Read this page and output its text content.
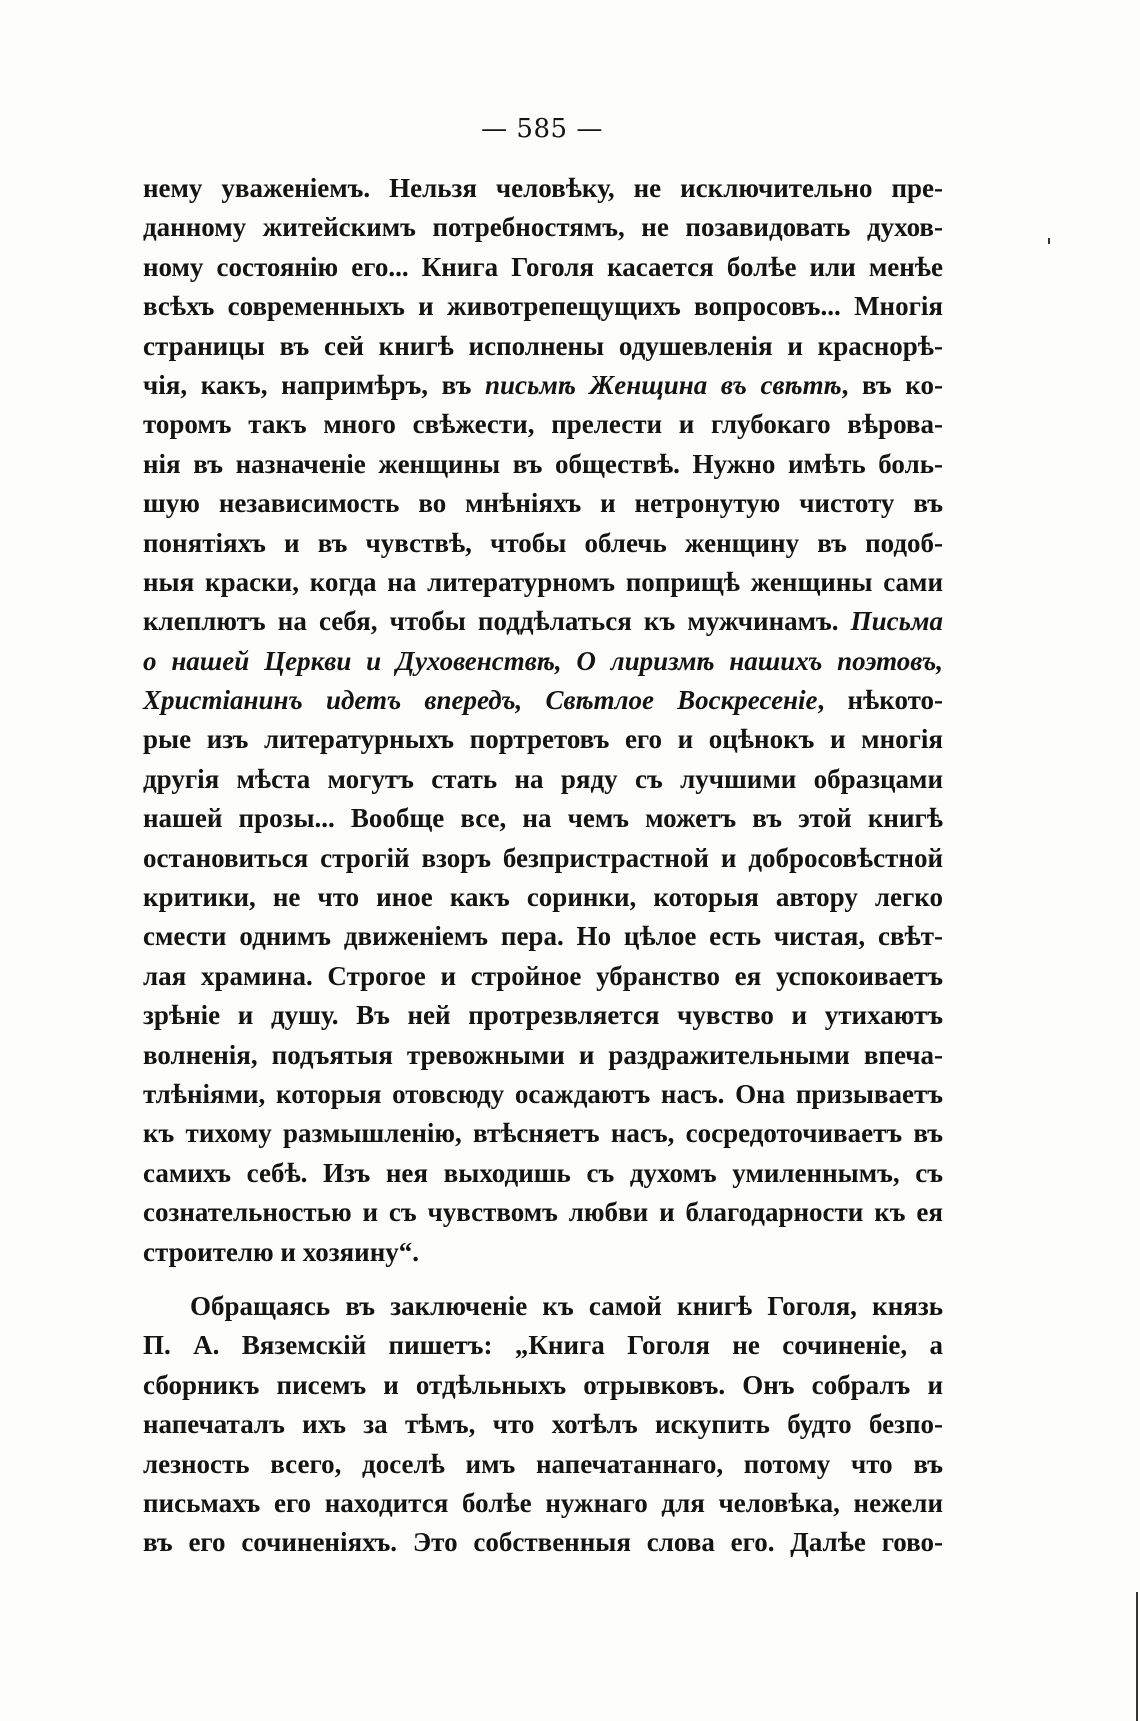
— 585 —
нему уваженіемъ. Нельзя человѣку, не исключительно пре-
данному житейскимъ потребностямъ, не позавидовать духов-
ному состоянію его... Книга Гоголя касается болѣе или менѣе
всѣхъ современныхъ и животрепещущихъ вопросовъ... Многія
страницы въ сей книгѣ исполнены одушевленія и краснорѣ-
чія, какъ, напримѣръ, въ письмѣ Женщина въ свѣтѣ, въ ко-
торомъ такъ много свѣжести, прелести и глубокаго вѣрова-
нія въ назначеніе женщины въ обществѣ. Нужно имѣть боль-
шую независимость во мнѣніяхъ и нетронутую чистоту въ
понятіяхъ и въ чувствѣ, чтобы облечь женщину въ подоб-
ныя краски, когда на литературномъ поприщѣ женщины сами
клеплютъ на себя, чтобы поддѣлаться къ мужчинамъ. Письма
о нашей Церкви и Духовенствѣ, О лиризмѣ нашихъ поэтовъ,
Христіанинъ идетъ впередъ, Свѣтлое Воскресеніе, нѣкото-
рые изъ литературныхъ портретовъ его и оцѣнокъ и многія
другія мѣста могутъ стать на ряду съ лучшими образцами
нашей прозы... Вообще все, на чемъ можетъ въ этой книгѣ
остановиться строгій взоръ безпристрастной и добросовѣстной
критики, не что иное какъ соринки, которыя автору легко
смести однимъ движеніемъ пера. Но цѣлое есть чистая, свѣт-
лая храмина. Строгое и стройное убранство ея успокоиваетъ
зрѣніе и душу. Въ ней протрезвляется чувство и утихаютъ
волненія, подъятыя тревожными и раздражительными впеча-
тлѣніями, которыя отовсюду осаждаютъ насъ. Она призываетъ
къ тихому размышленію, втѣсняетъ насъ, сосредоточиваетъ въ
самихъ себѣ. Изъ нея выходишь съ духомъ умиленнымъ, съ
сознательностью и съ чувствомъ любви и благодарности къ ея
строителю и хозяину“.
Обращаясь въ заключеніе къ самой книгѣ Гоголя, князь
П. А. Вяземскій пишетъ: „Книга Гоголя не сочиненіе, а
сборникъ писемъ и отдѣльныхъ отрывковъ. Онъ собралъ и
напечаталъ ихъ за тѣмъ, что хотѣлъ искупить будто безпо-
лезность всего, доселѣ имъ напечатаннаго, потому что въ
письмахъ его находится болѣе нужнаго для человѣка, нежели
въ его сочиненіяхъ. Это собственныя слова его. Далѣе гово-
